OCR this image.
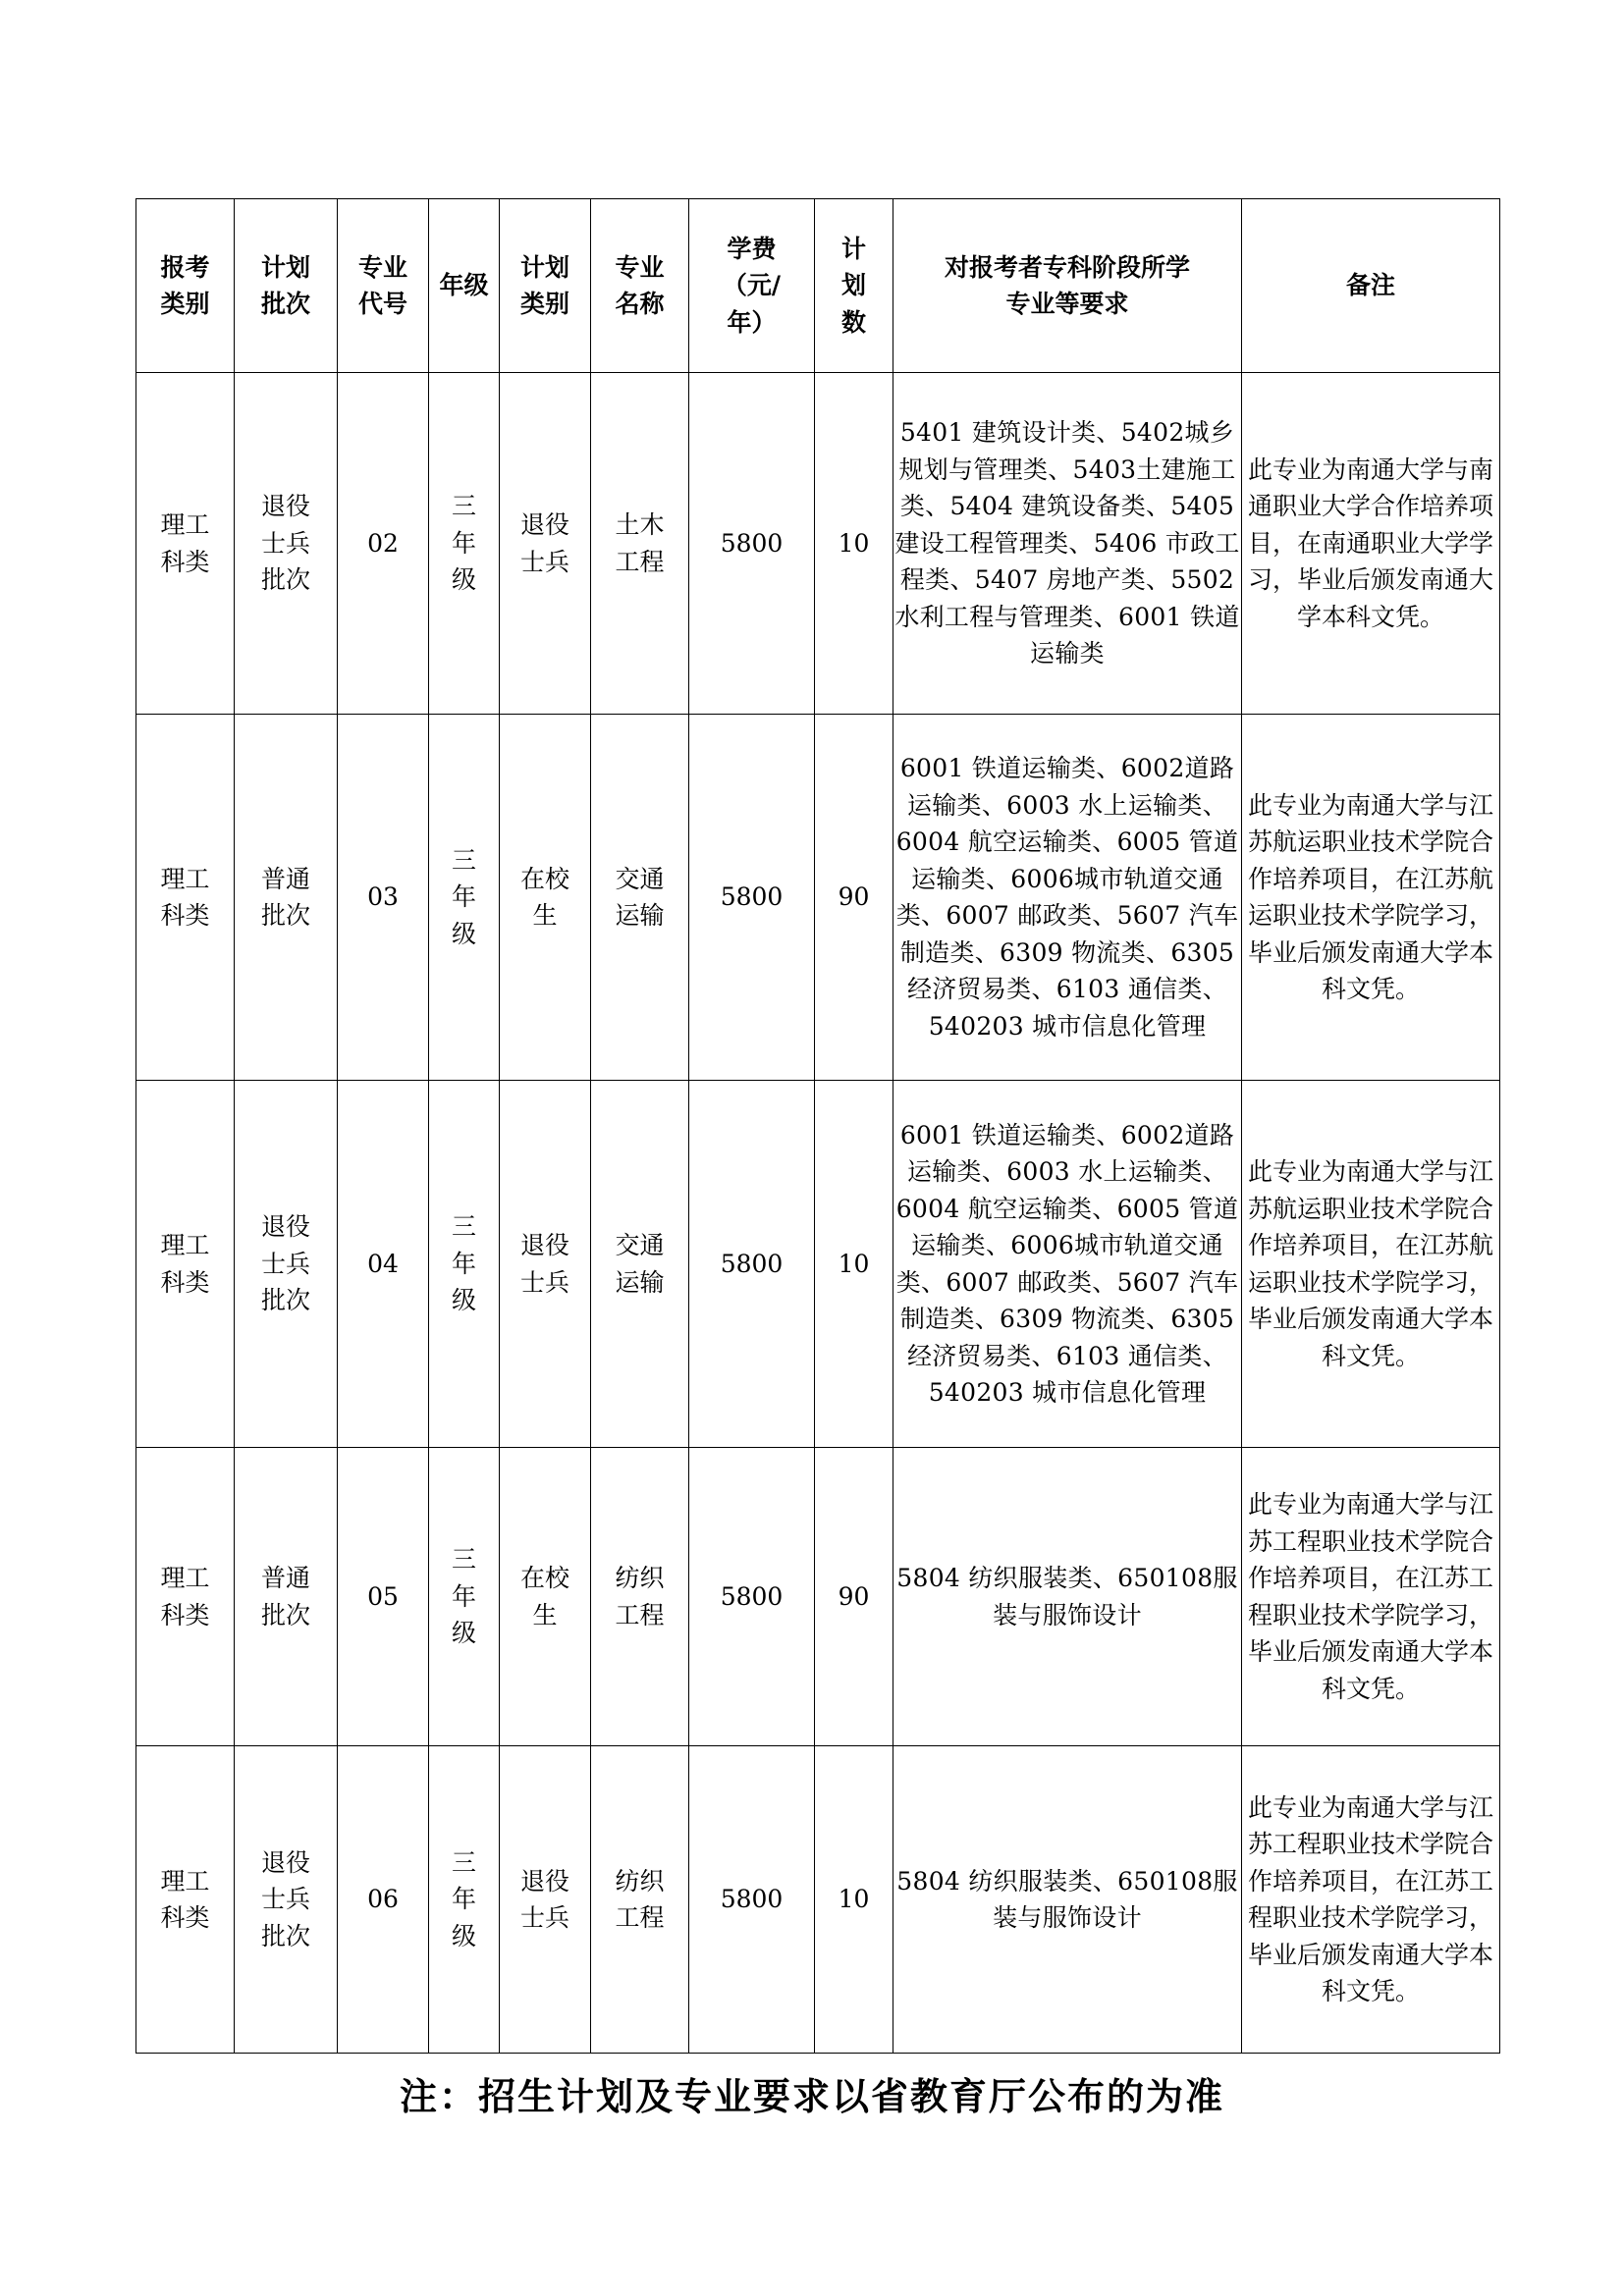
报考类别	计划批次	专业代号	年级	计划类别	专业名称	学费（元/年）	计划数	对报考者专科阶段所学专业等要求	备注

理工科类	退役士兵批次	02	三年级	退役士兵	土木工程	5800	10	5401 建筑设计类、5402城乡规划与管理类、5403土建施工类、5404 建筑设备类、5405 建设工程管理类、5406 市政工程类、5407 房地产类、5502 水利工程与管理类、6001 铁道运输类	此专业为南通大学与南通职业大学合作培养项目，在南通职业大学学习，毕业后颁发南通大学本科文凭。

理工科类	普通批次	03	三年级	在校生	交通运输	5800	90	6001 铁道运输类、6002道路运输类、6003 水上运输类、6004 航空运输类、6005 管道运输类、6006城市轨道交通类、6007 邮政类、5607 汽车制造类、6309 物流类、6305 经济贸易类、6103 通信类、540203 城市信息化管理	此专业为南通大学与江苏航运职业技术学院合作培养项目，在江苏航运职业技术学院学习，毕业后颁发南通大学本科文凭。

理工科类	退役士兵批次	04	三年级	退役士兵	交通运输	5800	10	6001 铁道运输类、6002道路运输类、6003 水上运输类、6004 航空运输类、6005 管道运输类、6006城市轨道交通类、6007 邮政类、5607 汽车制造类、6309 物流类、6305 经济贸易类、6103 通信类、540203 城市信息化管理	此专业为南通大学与江苏航运职业技术学院合作培养项目，在江苏航运职业技术学院学习，毕业后颁发南通大学本科文凭。

理工科类	普通批次	05	三年级	在校生	纺织工程	5800	90	5804 纺织服装类、650108服装与服饰设计	此专业为南通大学与江苏工程职业技术学院合作培养项目，在江苏工程职业技术学院学习，毕业后颁发南通大学本科文凭。

理工科类	退役士兵批次	06	三年级	退役士兵	纺织工程	5800	10	5804 纺织服装类、650108服装与服饰设计	此专业为南通大学与江苏工程职业技术学院合作培养项目，在江苏工程职业技术学院学习，毕业后颁发南通大学本科文凭。
注：招生计划及专业要求以省教育厅公布的为准
